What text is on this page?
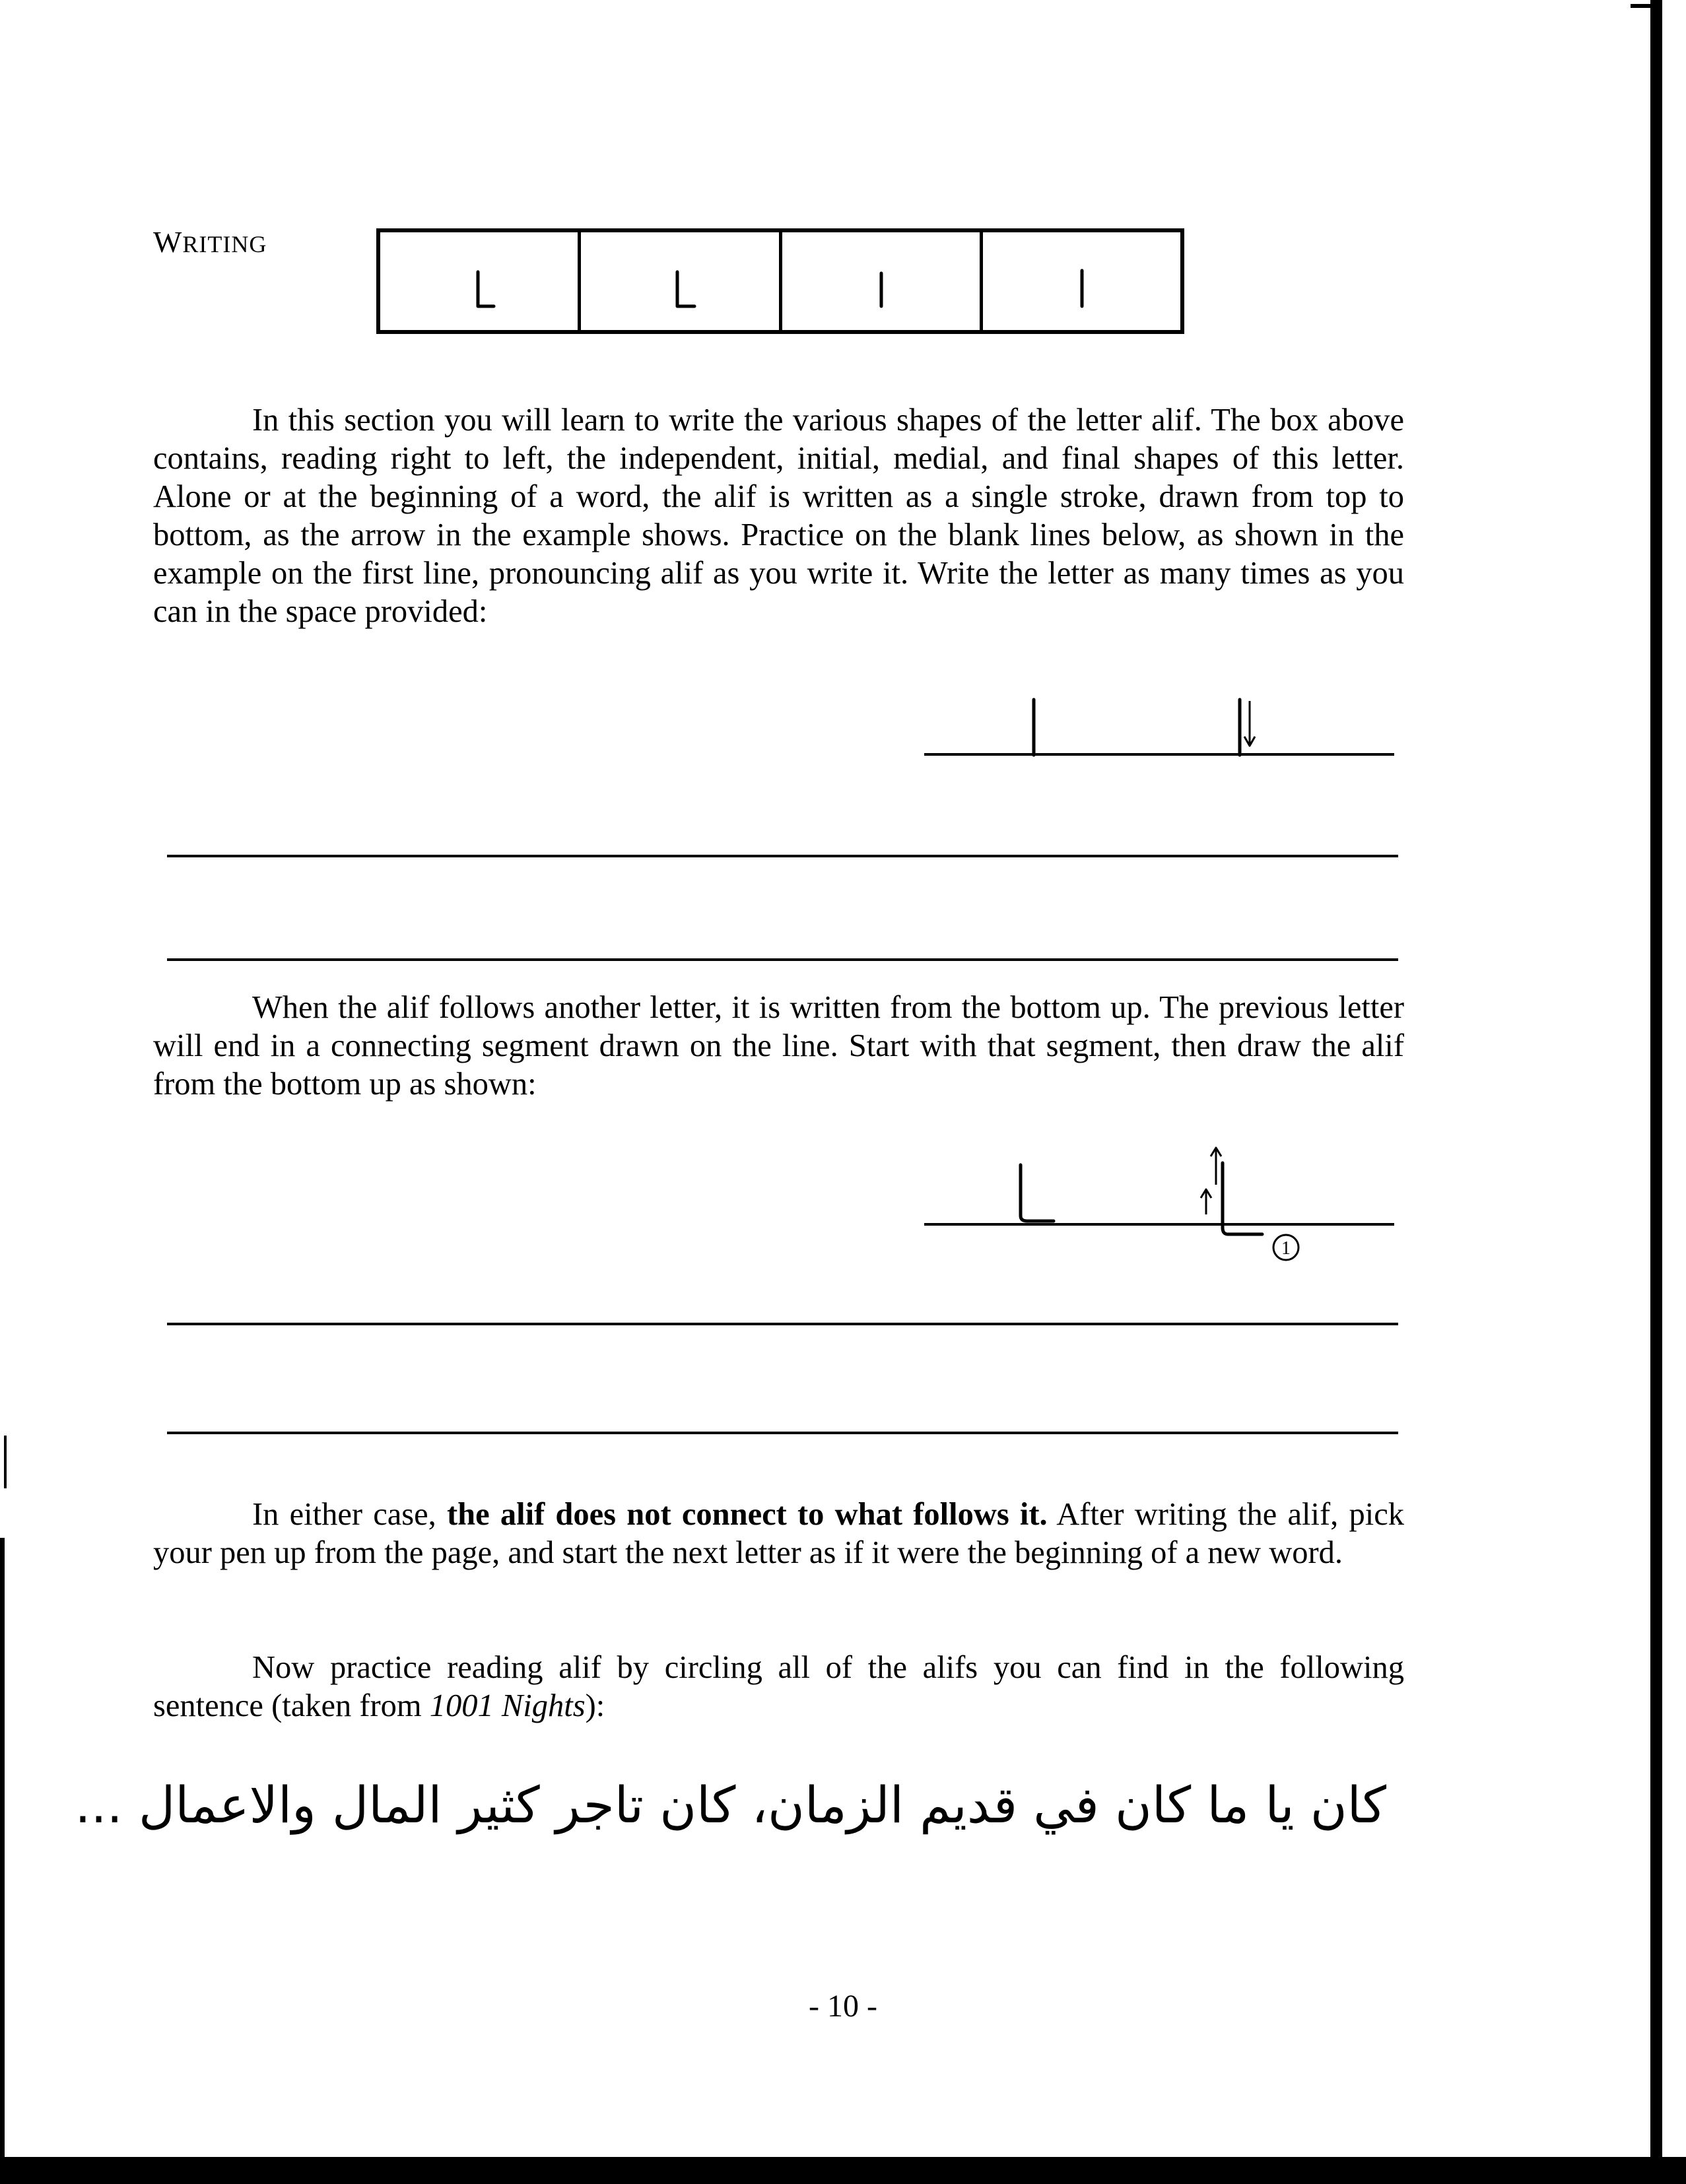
WRITING
In this section you will learn to write the various shapes of the letter alif. The box above contains, reading right to left, the independent, initial, medial, and final shapes of this letter. Alone or at the beginning of a word, the alif is written as a single stroke, drawn from top to bottom, as the arrow in the example shows. Practice on the blank lines below, as shown in the example on the first line, pronouncing alif as you write it. Write the letter as many times as you can in the space provided:
When the alif follows another letter, it is written from the bottom up. The previous letter will end in a connecting segment drawn on the line. Start with that segment, then draw the alif from the bottom up as shown:
1
In either case, the alif does not connect to what follows it. After writing the alif, pick your pen up from the page, and start the next letter as if it were the beginning of a new word.
Now practice reading alif by circling all of the alifs you can find in the following sentence (taken from 1001 Nights):
كان يا ما كان في قديم الزمان، كان تاجر كثير المال والاعمال ...
- 10 -
